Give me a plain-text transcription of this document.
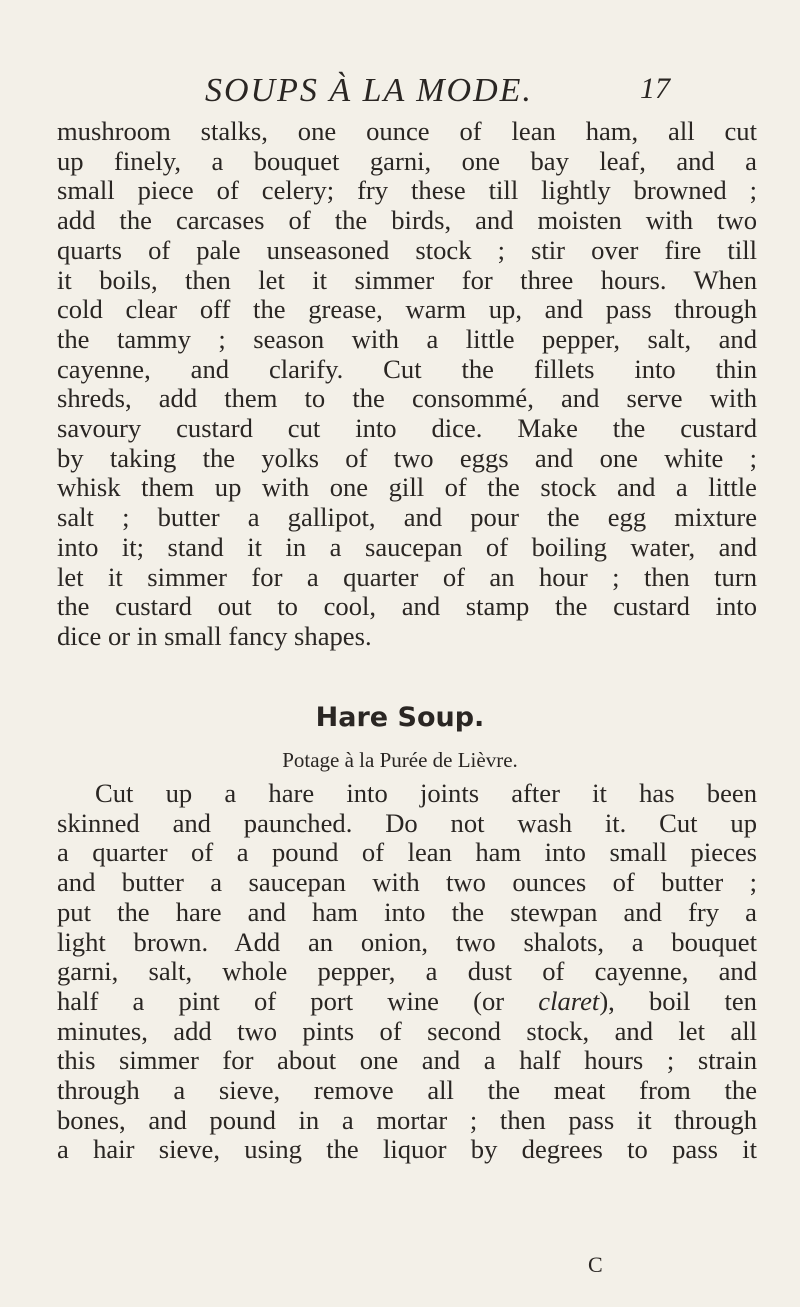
SOUPS À LA MODE.	17
mushroom stalks, one ounce of lean ham, all cut
up finely, a bouquet garni, one bay leaf, and a
small piece of celery; fry these till lightly browned ;
add the carcases of the birds, and moisten with two
quarts of pale unseasoned stock ; stir over fire till
it boils, then let it simmer for three hours. When
cold clear off the grease, warm up, and pass through
the tammy ; season with a little pepper, salt, and
cayenne, and clarify. Cut the fillets into thin
shreds, add them to the consommé, and serve with
savoury custard cut into dice. Make the custard
by taking the yolks of two eggs and one white ;
whisk them up with one gill of the stock and a little
salt ; butter a gallipot, and pour the egg mixture
into it; stand it in a saucepan of boiling water, and
let it simmer for a quarter of an hour ; then turn
the custard out to cool, and stamp the custard into
dice or in small fancy shapes.
Hare Soup.
Potage à la Purée de Lièvre.
Cut up a hare into joints after it has been
skinned and paunched. Do not wash it. Cut up
a quarter of a pound of lean ham into small pieces
and butter a saucepan with two ounces of butter ;
put the hare and ham into the stewpan and fry a
light brown. Add an onion, two shalots, a bouquet
garni, salt, whole pepper, a dust of cayenne, and
half a pint of port wine (or claret), boil ten
minutes, add two pints of second stock, and let all
this simmer for about one and a half hours ; strain
through a sieve, remove all the meat from the
bones, and pound in a mortar ; then pass it through
a hair sieve, using the liquor by degrees to pass it
C
